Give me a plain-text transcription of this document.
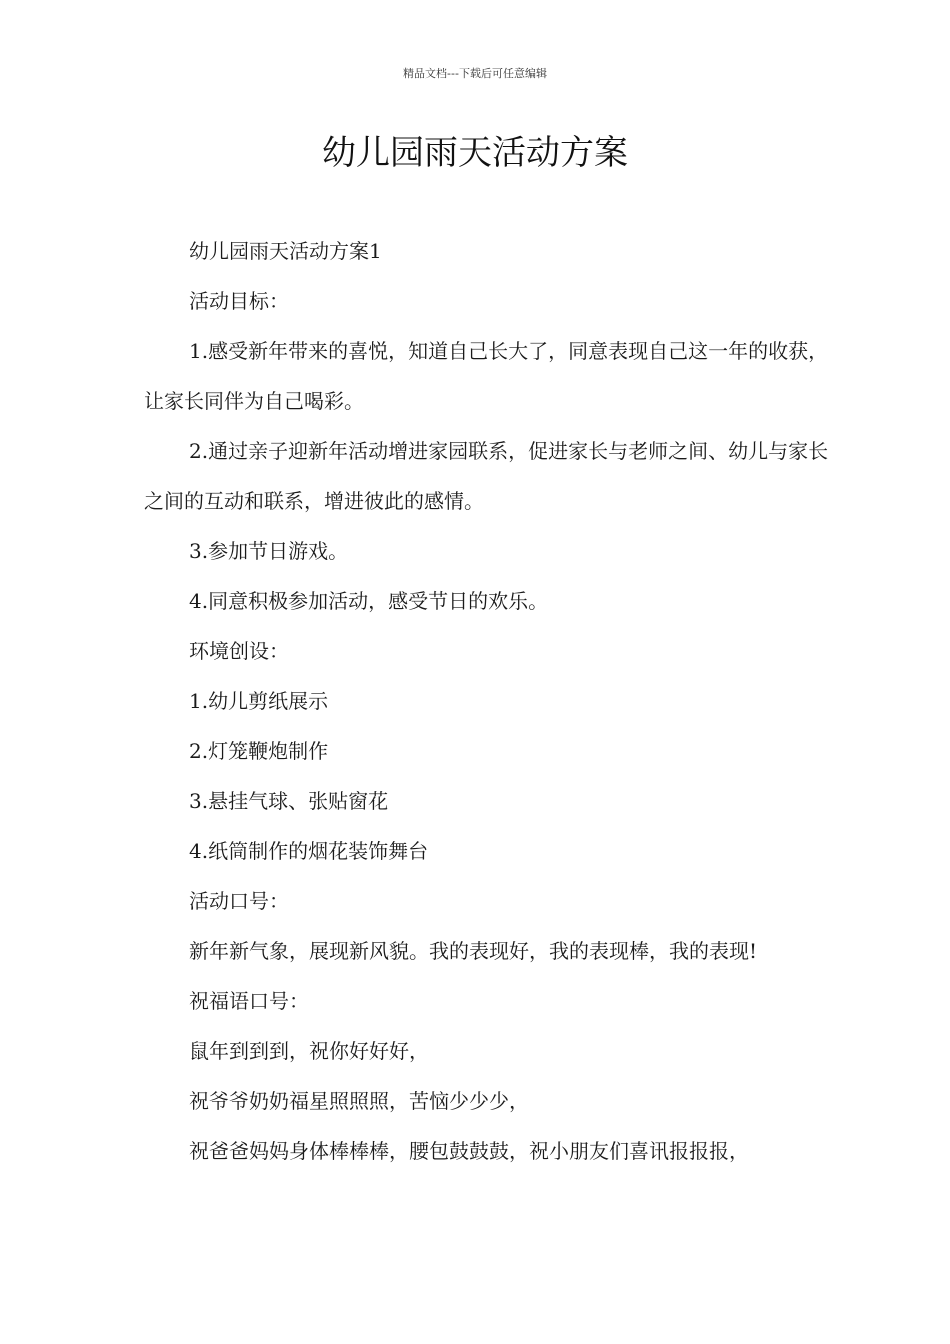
精品文档---下载后可任意编辑
幼儿园雨天活动方案

幼儿园雨天活动方案1

活动目标：

1.感受新年带来的喜悦，知道自己长大了，同意表现自己这一年的收获，让家长同伴为自己喝彩。

2.通过亲子迎新年活动增进家园联系，促进家长与老师之间、幼儿与家长之间的互动和联系，增进彼此的感情。

3.参加节日游戏。

4.同意积极参加活动，感受节日的欢乐。

环境创设：

1.幼儿剪纸展示

2.灯笼鞭炮制作

3.悬挂气球、张贴窗花

4.纸筒制作的烟花装饰舞台

活动口号：

新年新气象，展现新风貌。我的表现好，我的表现棒，我的表现!

祝福语口号：

鼠年到到到，祝你好好好，

祝爷爷奶奶福星照照照，苦恼少少少，

祝爸爸妈妈身体棒棒棒，腰包鼓鼓鼓，祝小朋友们喜讯报报报，
